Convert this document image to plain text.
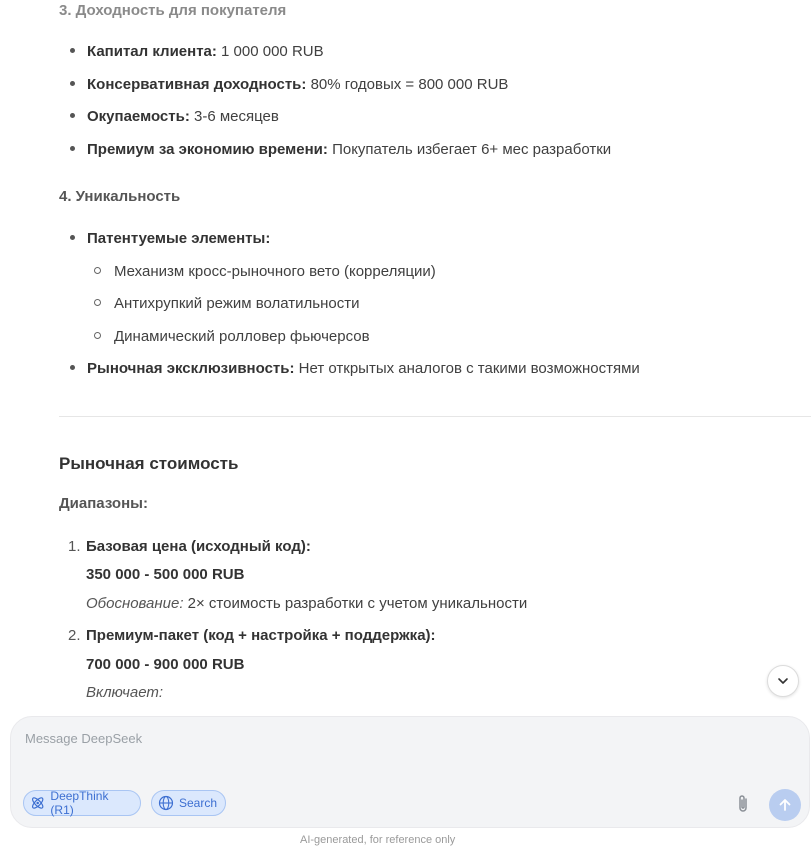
3. Доходность для покупателя
Капитал клиента: 1 000 000 RUB
Консервативная доходность: 80% годовых = 800 000 RUB
Окупаемость: 3-6 месяцев
Премиум за экономию времени: Покупатель избегает 6+ мес разработки
4. Уникальность
Патентуемые элементы:
Механизм кросс-рыночного вето (корреляции)
Антихрупкий режим волатильности
Динамический ролловер фьючерсов
Рыночная эксклюзивность: Нет открытых аналогов с такими возможностями
Рыночная стоимость
Диапазоны:
1. Базовая цена (исходный код):
350 000 - 500 000 RUB
Обоснование: 2× стоимость разработки с учетом уникальности
2. Премиум-пакет (код + настройка + поддержка):
700 000 - 900 000 RUB
Включает:
Message DeepSeek
DeepThink (R1)	Search
AI-generated, for reference only
